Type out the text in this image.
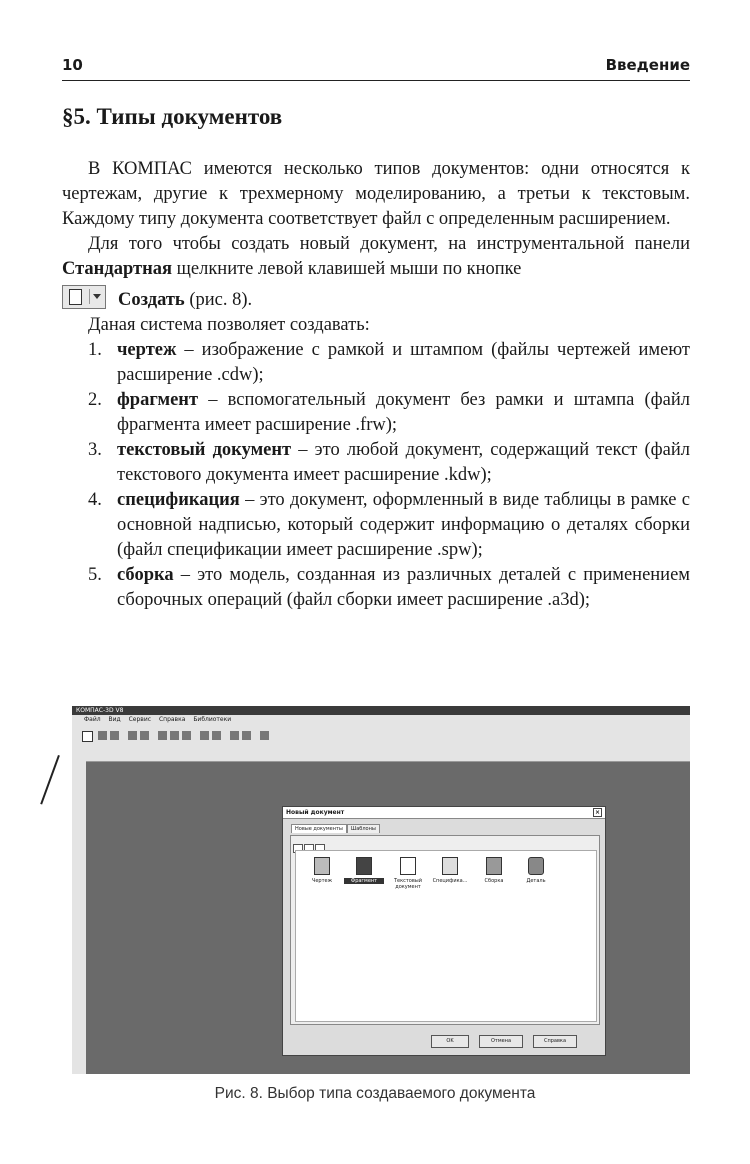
10	Введение
§5. Типы документов

В КОМПАС имеются несколько типов документов: одни относятся к чертежам, другие к трехмерному моделированию, а третьи к текстовым. Каждому типу документа соответствует файл с определенным расширением.

Для того чтобы создать новый документ, на инструментальной панели Стандартная щелкните левой клавишей мыши по кнопке

Создать (рис. 8).

Даная система позволяет создавать:

1. чертеж – изображение с рамкой и штампом (файлы чертежей имеют расширение .cdw);
2. фрагмент – вспомогательный документ без рамки и штампа (файл фрагмента имеет расширение .frw);
3. текстовый документ – это любой документ, содержащий текст (файл текстового документа имеет расширение .kdw);
4. спецификация – это документ, оформленный в виде таблицы в рамке с основной надписью, который содержит информацию о деталях сборки (файл спецификации имеет расширение .spw);
5. сборка – это модель, созданная из различных деталей с применением сборочных операций (файл сборки имеет расширение .a3d);
КОМПАС-3D V8
Файл Вид Сервис Справка Библиотеки
Новый документ	×
Новые документы Шаблоны
Чертеж	Фрагмент	Текстовый документ
Специфика...	Сборка	Деталь
OK	Отмена	Справка
Рис. 8. Выбор типа создаваемого документа
